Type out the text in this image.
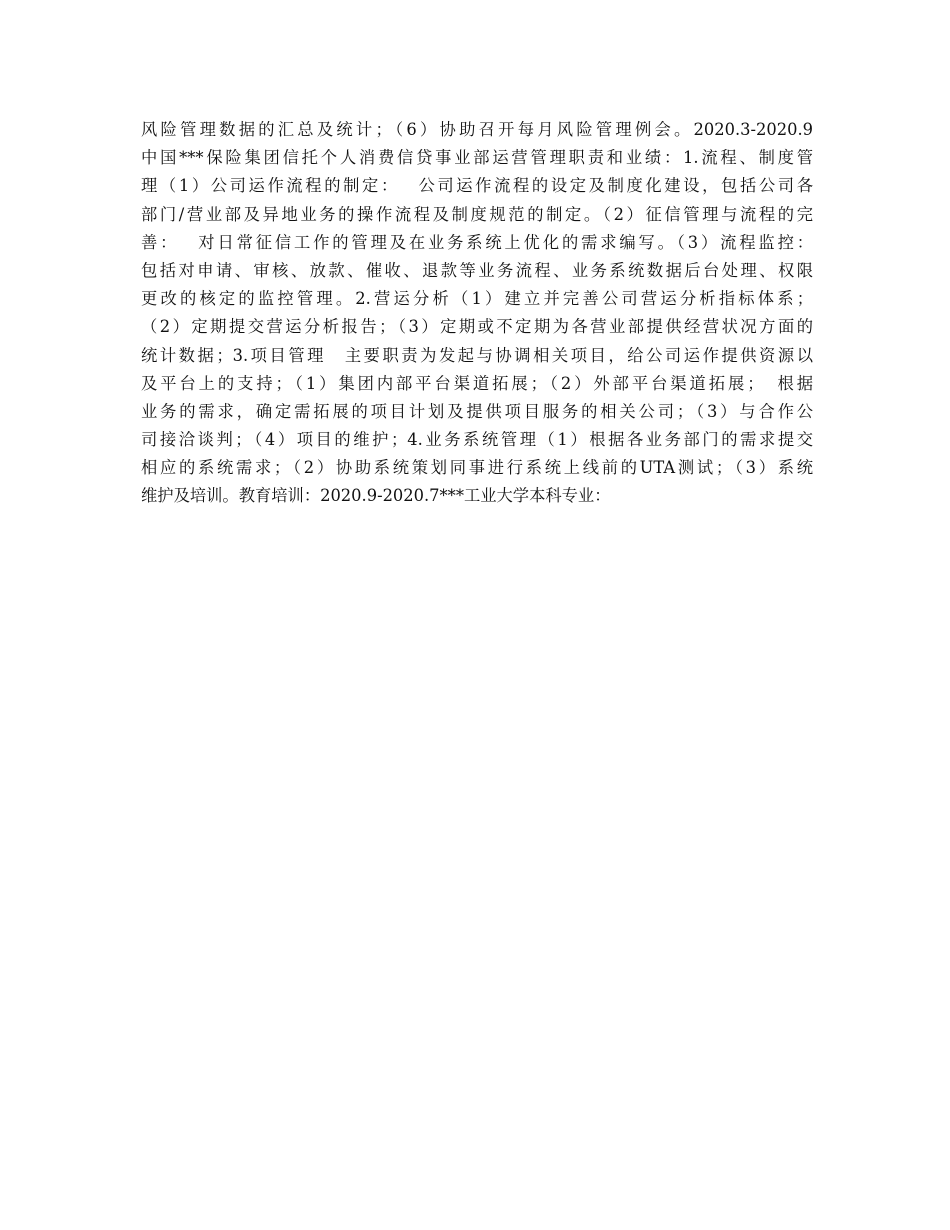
风险管理数据的汇总及统计；（6）协助召开每月风险管理例会。2020.3-2020.9
中国***保险集团信托个人消费信贷事业部运营管理职责和业绩：1.流程、制度管
理（1）公司运作流程的制定：　 公司运作流程的设定及制度化建设，包括公司各
部门/营业部及异地业务的操作流程及制度规范的制定。（2）征信管理与流程的完
善：　 对日常征信工作的管理及在业务系统上优化的需求编写。（3）流程监控：
包括对申请、审核、放款、催收、退款等业务流程、业务系统数据后台处理、权限
更改的核定的监控管理。2.营运分析（1）建立并完善公司营运分析指标体系；
（2）定期提交营运分析报告；（3）定期或不定期为各营业部提供经营状况方面的
统计数据；3.项目管理　主要职责为发起与协调相关项目，给公司运作提供资源以
及平台上的支持；（1）集团内部平台渠道拓展；（2）外部平台渠道拓展；　根据
业务的需求，确定需拓展的项目计划及提供项目服务的相关公司；（3）与合作公
司接洽谈判；（4）项目的维护；4.业务系统管理（1）根据各业务部门的需求提交
相应的系统需求；（2）协助系统策划同事进行系统上线前的UTA测试；（3）系统
维护及培训。教育培训：2020.9-2020.7***工业大学本科专业：
